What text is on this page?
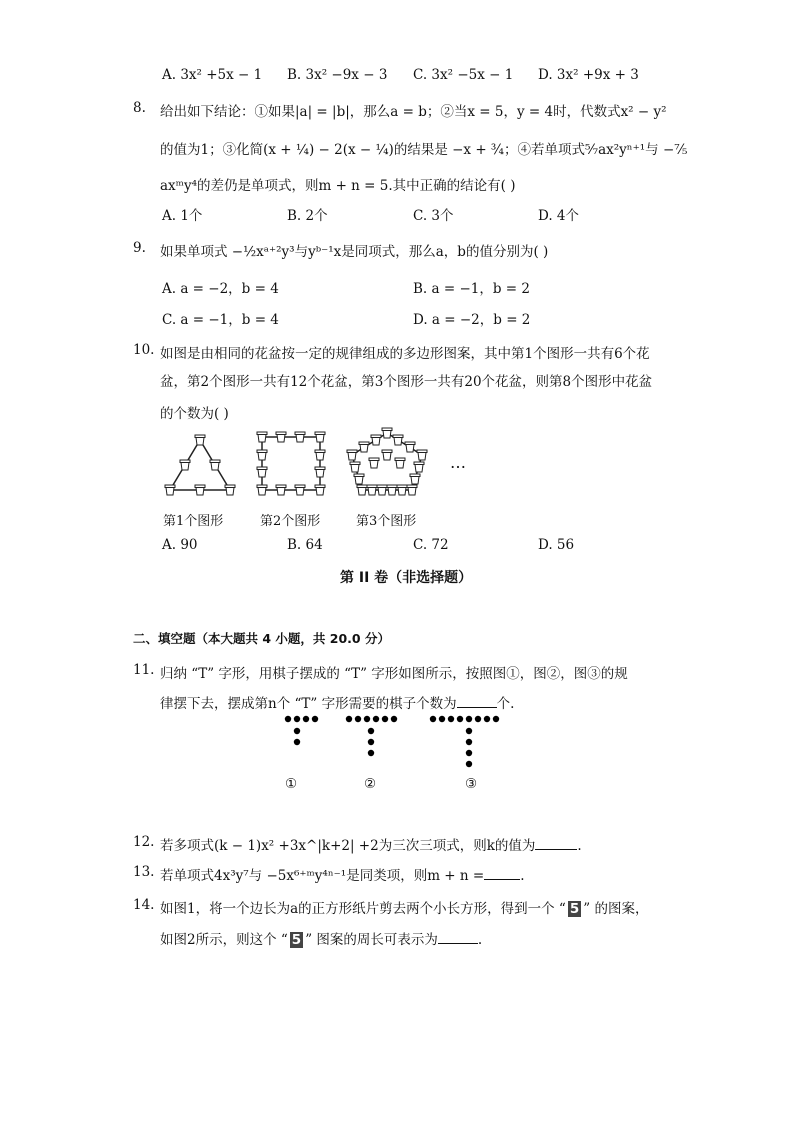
A. 3x² +5x − 1 B. 3x² −9x − 3 C. 3x² −5x − 1 D. 3x² +9x + 3
8. 给出如下结论：①如果|a| = |b|，那么a = b；②当x = 5，y = 4时，代数式x² − y²
的值为1；③化简(x + ¼) − 2(x − ¼)的结果是 −x + ¾；④若单项式⁵⁄₇ax²yⁿ⁺¹与 −⁷⁄₅
axᵐy⁴的差仍是单项式，则m + n = 5.其中正确的结论有( )
A. 1个	B. 2个	C. 3个	D. 4个
9. 如果单项式 −½xᵃ⁺²y³与yᵇ⁻¹x是同项式，那么a，b的值分别为( )
A. a = −2，b = 4	B. a = −1，b = 2
C. a = −1，b = 4	D. a = −2，b = 2
10. 如图是由相同的花盆按一定的规律组成的多边形图案，其中第1个图形一共有6个花
盆，第2个图形一共有12个花盆，第3个图形一共有20个花盆，则第8个图形中花盆
的个数为( )
…
第1个图形	第2个图形	第3个图形
A. 90	B. 64	C. 72	D. 56
第 II 卷（非选择题）
二、填空题（本大题共 4 小题，共 20.0 分）
11. 归纳 “T” 字形，用棋子摆成的 “T” 字形如图所示，按照图①，图②，图③的规
律摆下去，摆成第n个 “T” 字形需要的棋子个数为	个.
①	②	③
12. 若多项式(k − 1)x² +3x^|k+2| +2为三次三项式，则k的值为	.
13. 若单项式4x³y⁷与 −5x⁶⁺ᵐy⁴ⁿ⁻¹是同类项，则m + n =	.
14. 如图1，将一个边长为a的正方形纸片剪去两个小长方形，得到一个 “ 5 ” 的图案，
如图2所示，则这个 “ 5 ” 图案的周长可表示为	.
